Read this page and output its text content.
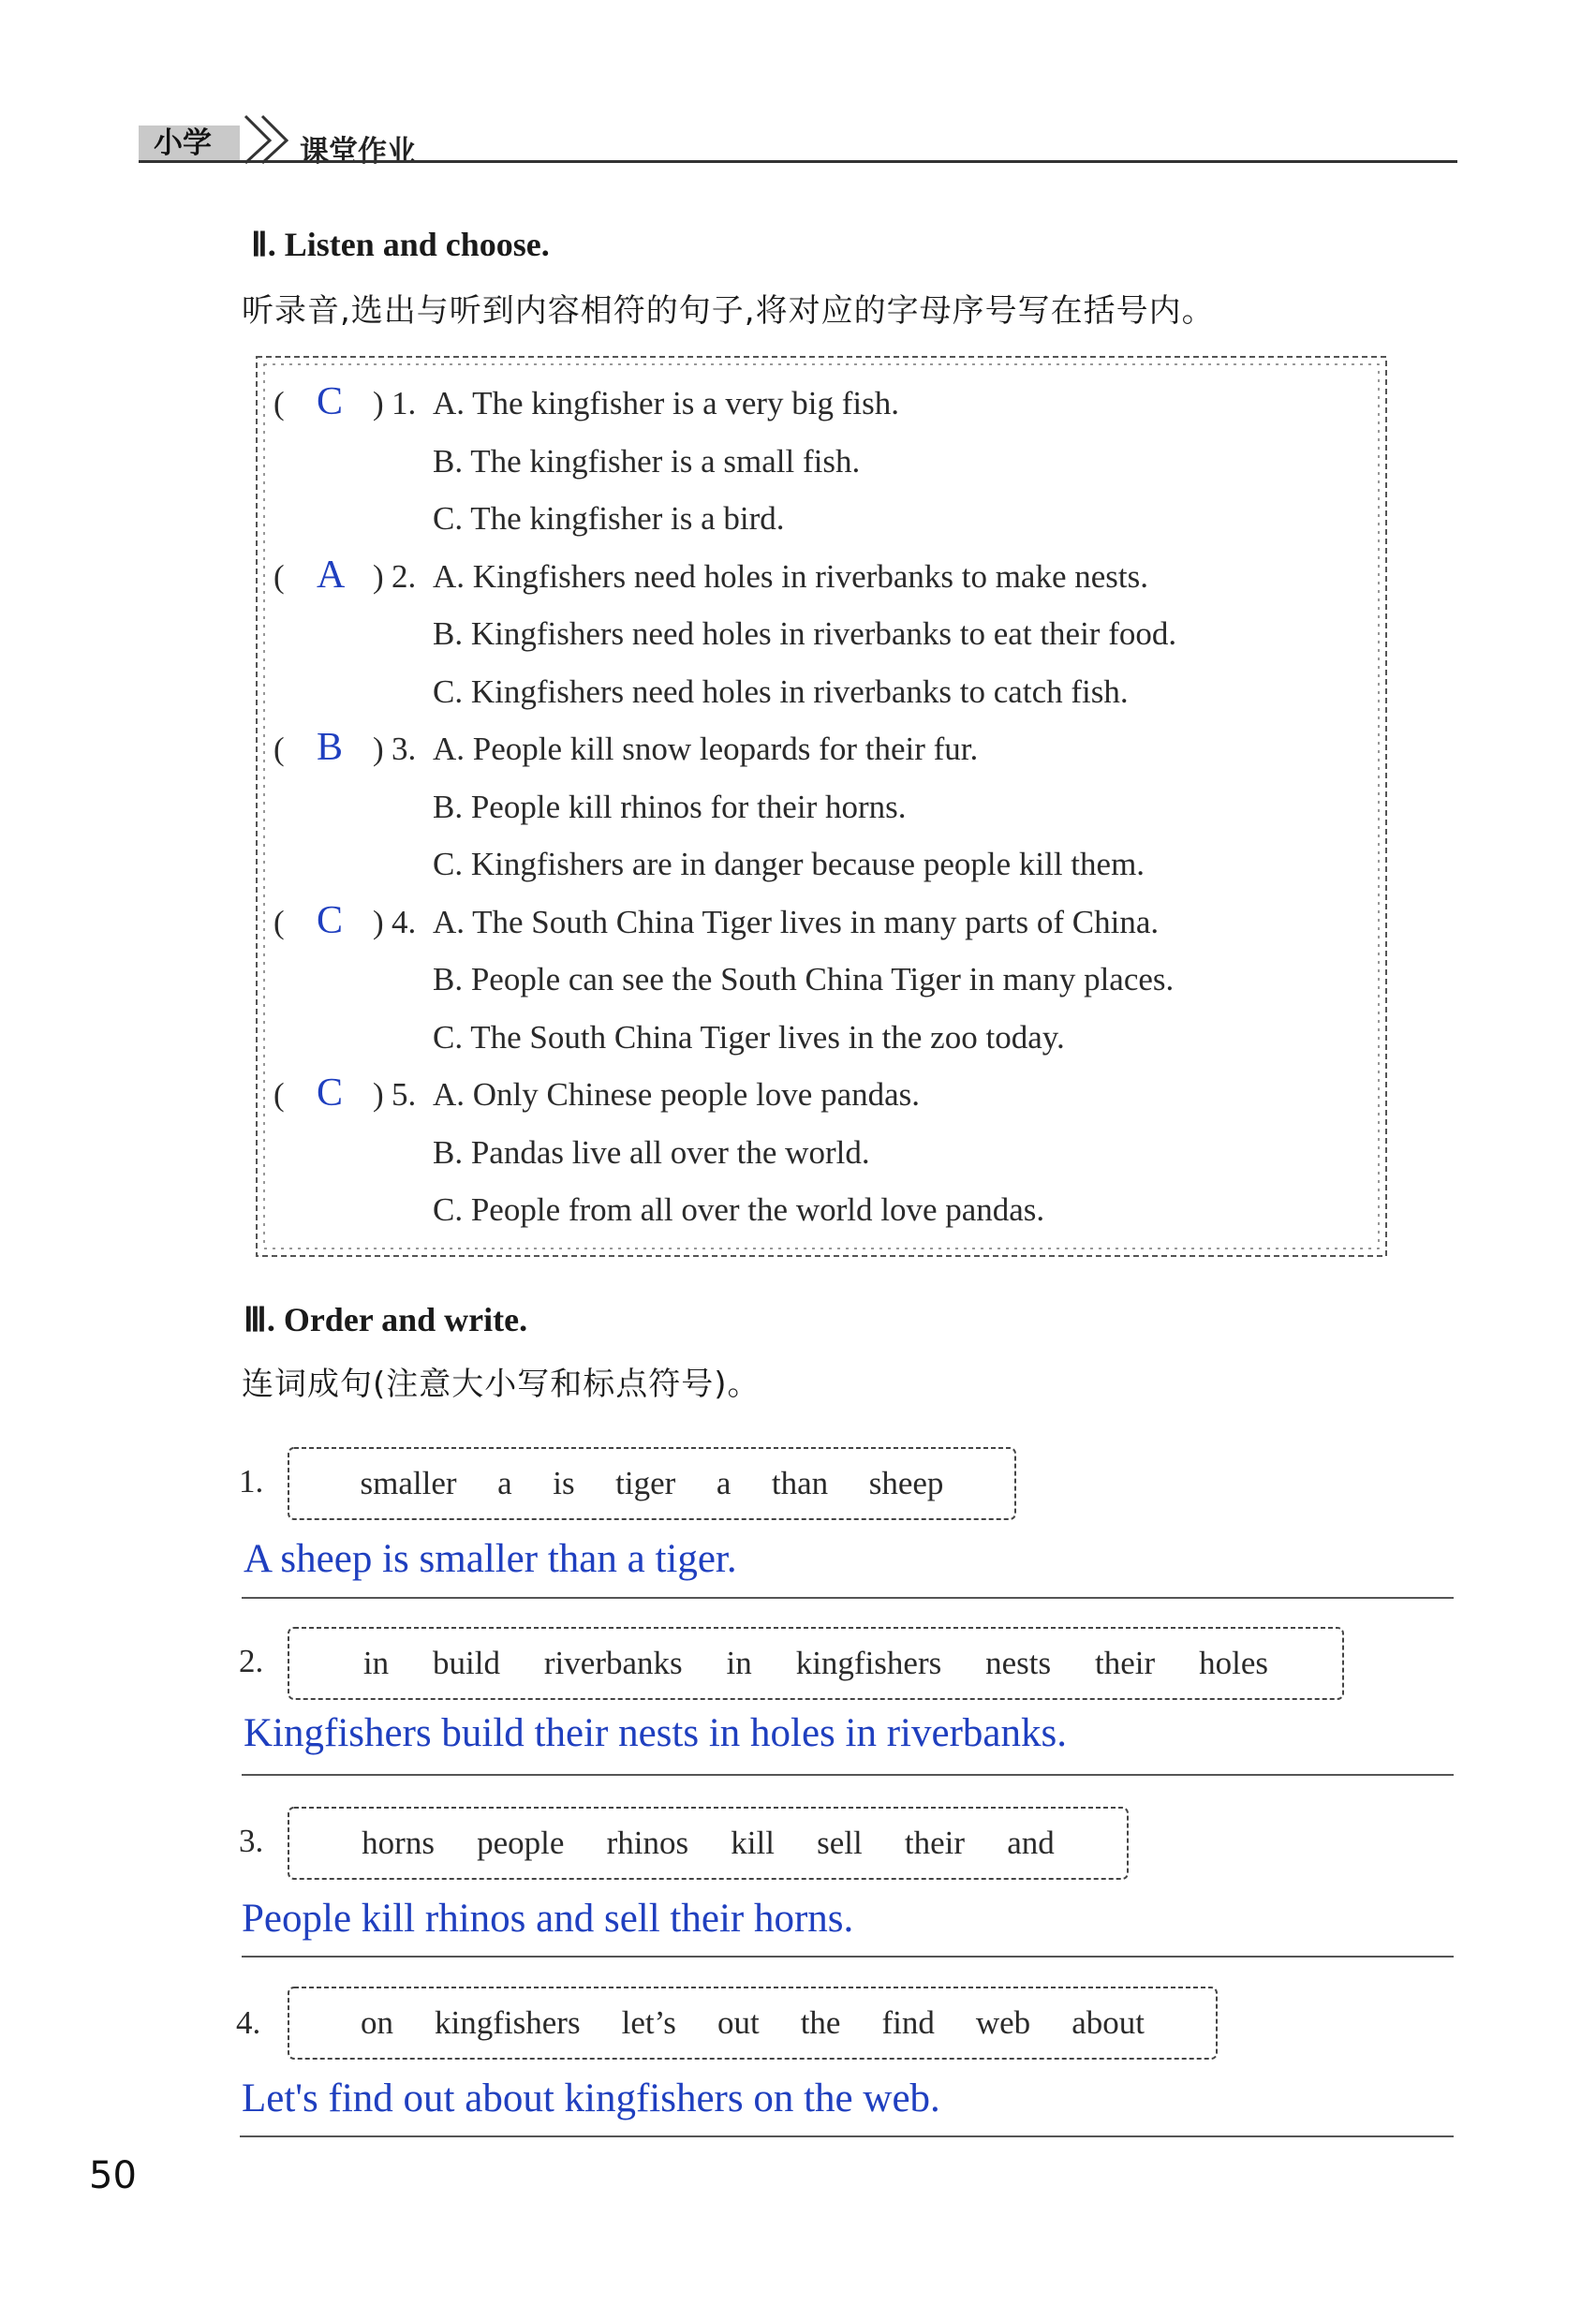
小学	课堂作业
Ⅱ. Listen and choose.
听录音,选出与听到内容相符的句子,将对应的字母序号写在括号内。
( C ) 1. A. The kingfisher is a very big fish.
B. The kingfisher is a small fish.
C. The kingfisher is a bird.
( A ) 2. A. Kingfishers need holes in riverbanks to make nests.
B. Kingfishers need holes in riverbanks to eat their food.
C. Kingfishers need holes in riverbanks to catch fish.
( B ) 3. A. People kill snow leopards for their fur.
B. People kill rhinos for their horns.
C. Kingfishers are in danger because people kill them.
( C ) 4. A. The South China Tiger lives in many parts of China.
B. People can see the South China Tiger in many places.
C. The South China Tiger lives in the zoo today.
( C ) 5. A. Only Chinese people love pandas.
B. Pandas live all over the world.
C. People from all over the world love pandas.
Ⅲ. Order and write.
连词成句(注意大小写和标点符号)。
1.	smaller a is tiger a than sheep
A sheep is smaller than a tiger.
2.	in build riverbanks in kingfishers nests their holes
Kingfishers build their nests in holes in riverbanks.
3.	horns people rhinos kill sell their and
People kill rhinos and sell their horns.
4.	on kingfishers let’s out the find web about
Let's find out about kingfishers on the web.
50
